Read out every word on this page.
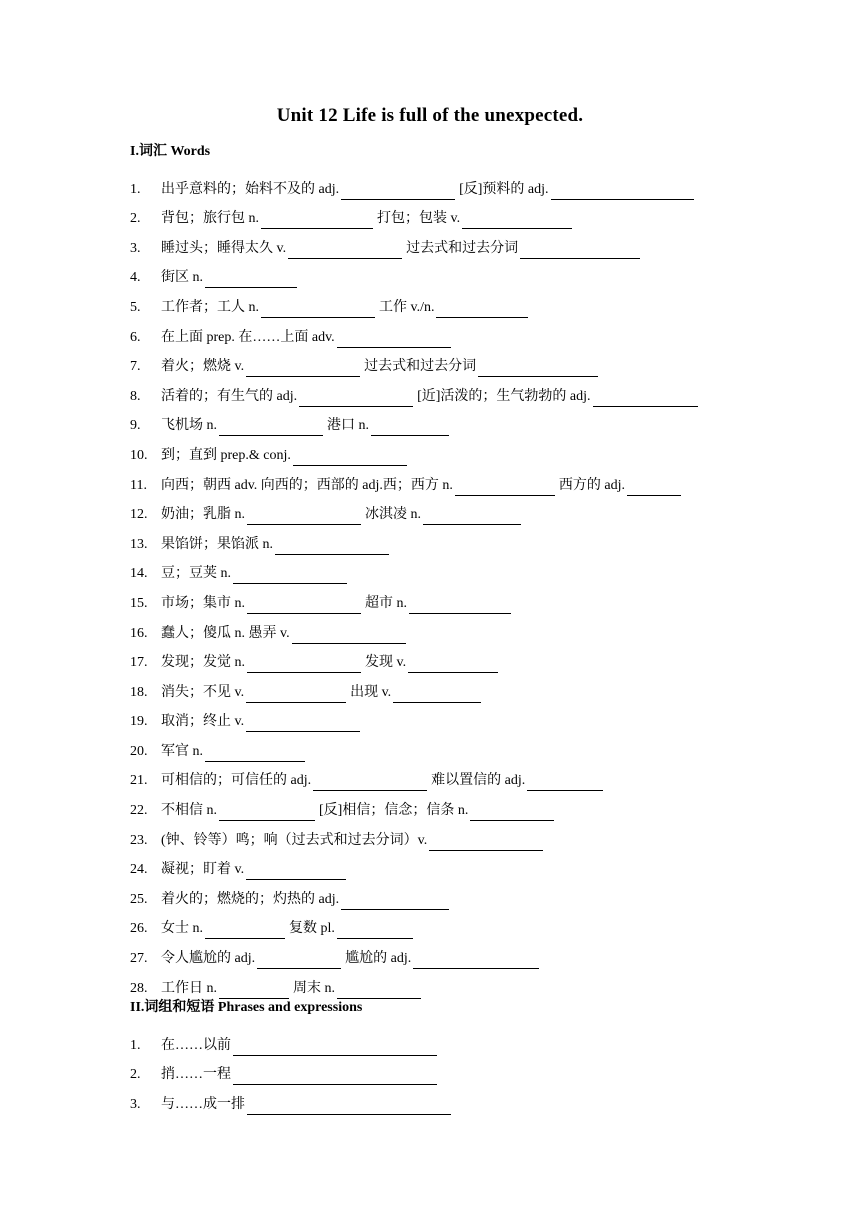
Unit 12 Life is full of the unexpected.
I.词汇 Words
1.	出乎意料的；始料不及的 adj.	[反]预料的 adj.
2.	背包；旅行包 n.	打包；包装 v.
3.	睡过头；睡得太久 v.	过去式和过去分词
4.	街区 n.
5.	工作者；工人 n.	工作 v./n.
6.	在上面 prep. 在……上面 adv.
7.	着火；燃烧 v.	过去式和过去分词
8.	活着的；有生气的 adj.	[近]活泼的；生气勃勃的 adj.
9.	飞机场 n.	港口 n.
10. 到；直到 prep.& conj.
11.	向西；朝西 adv. 向西的；西部的 adj.西；西方 n.	西方的 adj.
12. 奶油；乳脂 n.	冰淇凌 n.
13. 果馅饼；果馅派 n.
14. 豆；豆荚 n.
15. 市场；集市 n.	超市 n.
16. 蠢人；傻瓜 n. 愚弄 v.
17. 发现；发觉 n.	发现 v.
18. 消失；不见 v.	出现 v.
19. 取消；终止 v.
20. 军官 n.
21. 可相信的；可信任的 adj.	难以置信的 adj.
22. 不相信 n.	[反]相信；信念；信条 n.
23. (钟、铃等）鸣；响（过去式和过去分词）v.
24. 凝视；盯着 v.
25. 着火的；燃烧的；灼热的 adj.
26. 女士 n.	复数 pl.
27. 令人尴尬的 adj.	尴尬的 adj.
28. 工作日 n.	周末 n.
II.词组和短语 Phrases and expressions
1.	在……以前
2.	捎……一程
3.	与……成一排
